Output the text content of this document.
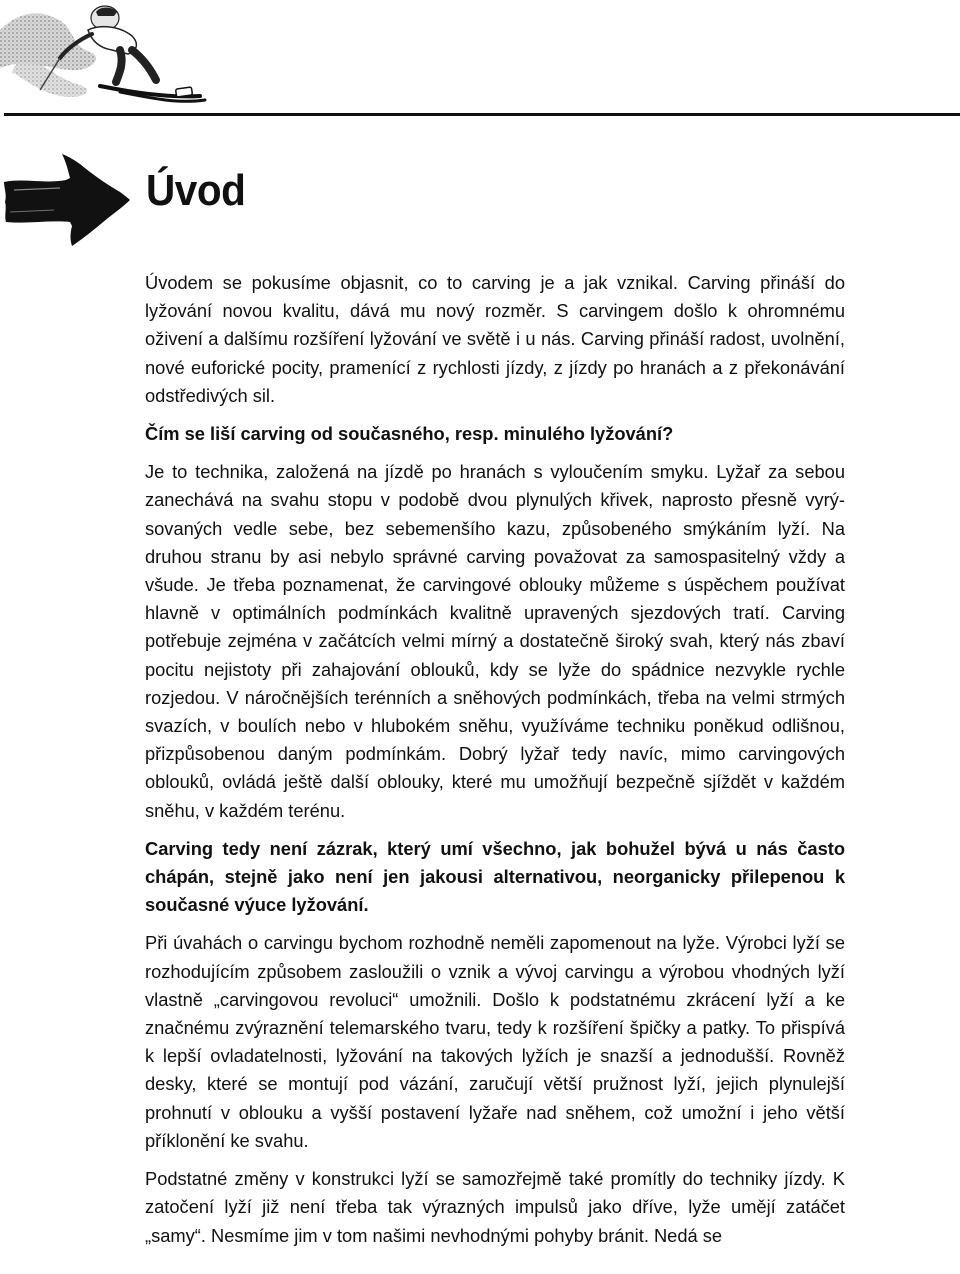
Úvod

Úvodem se pokusíme objasnit, co to carving je a jak vznikal. Carving přináší do lyžování novou kvalitu, dává mu nový rozměr. S carvingem došlo k ohromnému oživení a dalšímu rozšíření lyžování ve světě i u nás. Carving přináší radost, uvolnění, nové euforické pocity, pramenící z rychlosti jízdy, z jízdy po hranách a z překonávání odstředivých sil.

Čím se liší carving od současného, resp. minulého lyžování?

Je to technika, založená na jízdě po hranách s vyloučením smyku. Lyžař za sebou zanechává na svahu stopu v podobě dvou plynulých křivek, naprosto přesně vyrýsovaných vedle sebe, bez sebemenšího kazu, způsobeného smýkáním lyží. Na druhou stranu by asi nebylo správné carving považovat za samospasitelný vždy a všude. Je třeba poznamenat, že carvingové oblouky můžeme s úspěchem používat hlavně v optimálních podmínkách kvalitně upravených sjezdových tratí. Carving potřebuje zejména v začátcích velmi mírný a dostatečně široký svah, který nás zbaví pocitu nejistoty při zahajování oblouků, kdy se lyže do spádnice nezvykle rychle rozjedou. V náročnějších terénních a sněhových podmínkách, třeba na velmi strmých svazích, v boulích nebo v hlubokém sněhu, využíváme techniku poněkud odlišnou, přizpůsobenou daným podmínkám. Dobrý lyžař tedy navíc, mimo carvingových oblouků, ovládá ještě další oblouky, které mu umožňují bezpečně sjíždět v každém sněhu, v každém terénu.

Carving tedy není zázrak, který umí všechno, jak bohužel bývá u nás často chápán, stejně jako není jen jakousi alternativou, neorganicky přilepenou k současné výuce lyžování.

Při úvahách o carvingu bychom rozhodně neměli zapomenout na lyže. Výrobci lyží se rozhodujícím způsobem zasloužili o vznik a vývoj carvingu a výrobou vhodných lyží vlastně „carvingovou revoluci“ umožnili. Došlo k podstatnému zkrácení lyží a ke značnému zvýraznění telemarského tvaru, tedy k rozšíření špičky a patky. To přispívá k lepší ovladatelnosti, lyžování na takových lyžích je snazší a jednodušší. Rovněž desky, které se montují pod vázání, zaručují větší pružnost lyží, jejich plynulejší prohnutí v oblouku a vyšší postavení lyžaře nad sněhem, což umožní i jeho větší příklonění ke svahu.

Podstatné změny v konstrukci lyží se samozřejmě také promítly do techniky jízdy. K zatočení lyží již není třeba tak výrazných impulsů jako dříve, lyže umějí zatáčet „samy“. Nesmíme jim v tom našimi nevhodnými pohyby bránit. Nedá se
